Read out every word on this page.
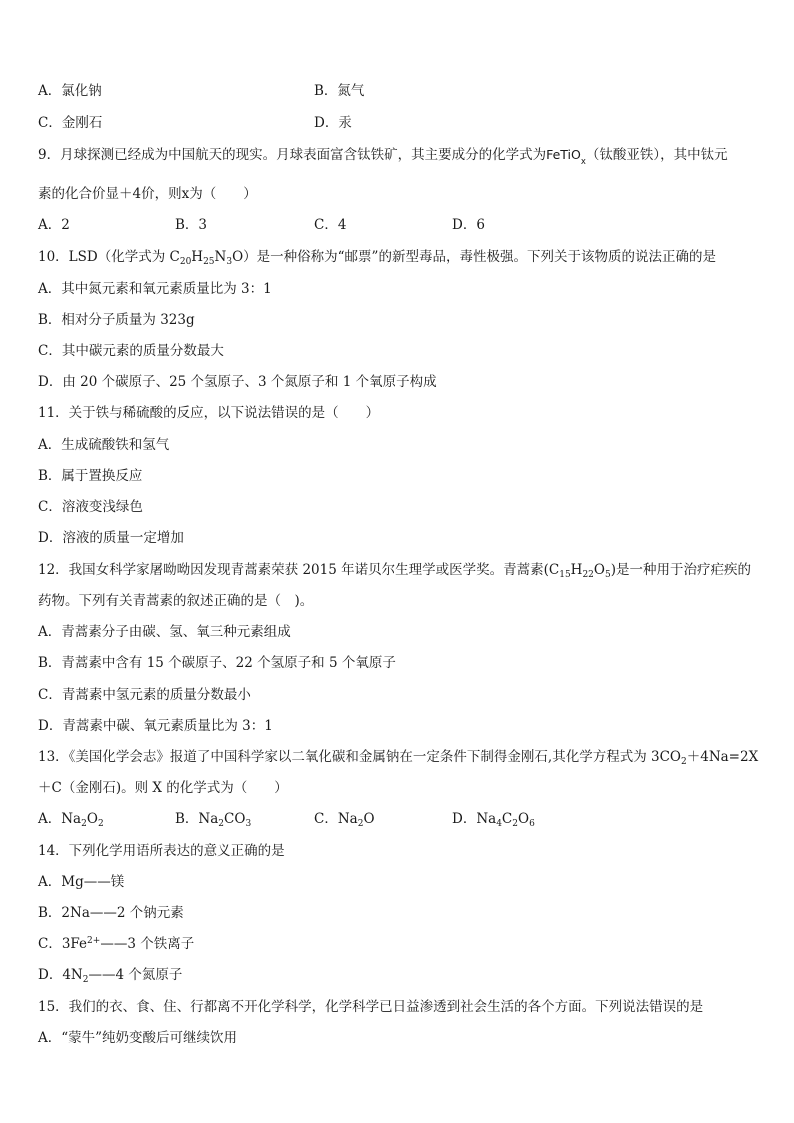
A．氯化钠	B．氮气
C．金刚石	D．汞
9．月球探测已经成为中国航天的现实。月球表面富含钛铁矿，其主要成分的化学式为FeTiO$_x$（钛酸亚铁），其中钛元
素的化合价显＋4价，则x为（　　）
A．2	B．3	C．4	D．6
10．LSD（化学式为 $C_{20}H_{25}N_3O$）是一种俗称为“邮票”的新型毒品，毒性极强。下列关于该物质的说法正确的是
A．其中氮元素和氧元素质量比为 3：1
B．相对分子质量为 323g
C．其中碳元素的质量分数最大
D．由 20 个碳原子、25 个氢原子、3 个氮原子和 1 个氧原子构成
11．关于铁与稀硫酸的反应，以下说法错误的是（　　）
A．生成硫酸铁和氢气
B．属于置换反应
C．溶液变浅绿色
D．溶液的质量一定增加
12．我国女科学家屠呦呦因发现青蒿素荣获 2015 年诺贝尔生理学或医学奖。青蒿素$(C_{15}H_{22}O_5)$是一种用于治疗疟疾的
药物。下列有关青蒿素的叙述正确的是（　)。
A．青蒿素分子由碳、氢、氧三种元素组成
B．青蒿素中含有 15 个碳原子、22 个氢原子和 5 个氧原子
C．青蒿素中氢元素的质量分数最小
D．青蒿素中碳、氧元素质量比为 3：1
13．《美国化学会志》报道了中国科学家以二氧化碳和金属钠在一定条件下制得金刚石,其化学方程式为 $3CO_2+4Na=2X$
＋C（金刚石)。则 X 的化学式为（　　）
A．$Na_2O_2$	B．$Na_2CO_3$	C．$Na_2O$	D．$Na_4C_2O_6$
14．下列化学用语所表达的意义正确的是
A．Mg——镁
B．2Na——2 个钠元素
C．$3Fe^{2+}——3$ 个铁离子
D．$4N_2——4$ 个氮原子
15．我们的衣、食、住、行都离不开化学科学，化学科学已日益渗透到社会生活的各个方面。下列说法错误的是
A．“蒙牛”纯奶变酸后可继续饮用
